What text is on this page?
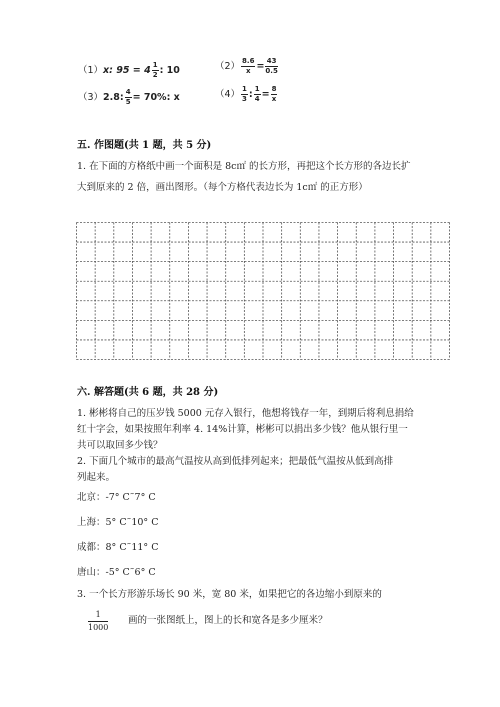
（1）x: $95 = 4 \frac{1}{2}$ : 10	$(2) \frac{8.6}{x} = \frac{43}{0.5}$
（3）2.8: $\frac{4}{5} = 70\%$: x	$(4) \frac{1}{3}$ : $\frac{1}{4} = \frac{8}{x}$
五. 作图题(共 1 题，共 5 分)
1. 在下面的方格纸中画一个面积是 8c㎡ 的长方形，再把这个长方形的各边长扩
大到原来的 2 倍，画出图形。（每个方格代表边长为 1c㎡ 的正方形）
六. 解答题(共 6 题，共 28 分)
1. 彬彬将自己的压岁钱 5000 元存入银行，他想将钱存一年，到期后将利息捐给
红十字会，如果按照年利率 4. 14%计算，彬彬可以捐出多少钱？他从银行里一
共可以取回多少钱？
2. 下面几个城市的最高气温按从高到低排列起来；把最低气温按从低到高排
列起来。
北京：-7° C˜7° C
上海：5° C˜10° C
成都：8° C˜11° C
唐山：-5° C˜6° C
3. 一个长方形游乐场长 90 米，宽 80 米，如果把它的各边缩小到原来的
$\frac{1}{1000}$ 画的一张图纸上，图上的长和宽各是多少厘米？
